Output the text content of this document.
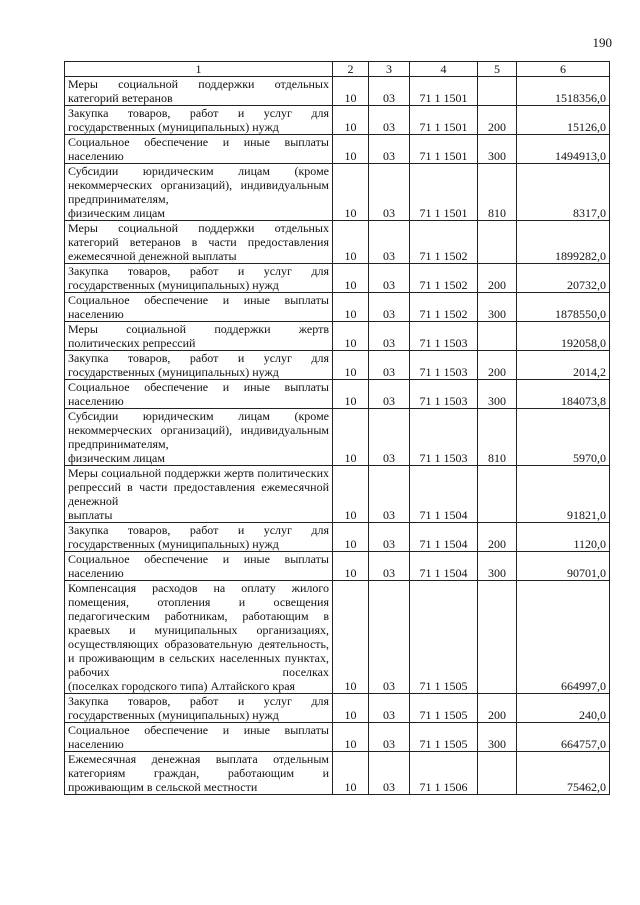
190
1	2	3	4	5	6
Меры социальной поддержки отдельных
категорий ветеранов	10	03	71 1 1501		1518356,0
Закупка товаров, работ и услуг для
государственных (муниципальных) нужд	10	03	71 1 1501	200	15126,0
Социальное обеспечение и иные выплаты
населению	10	03	71 1 1501	300	1494913,0
Субсидии юридическим лицам (кроме некоммерческих организаций), индивидуальным предпринимателям,
физическим лицам	10	03	71 1 1501	810	8317,0
Меры социальной поддержки отдельных категорий ветеранов в части предоставления
ежемесячной денежной выплаты	10	03	71 1 1502		1899282,0
Закупка товаров, работ и услуг для
государственных (муниципальных) нужд	10	03	71 1 1502	200	20732,0
Социальное обеспечение и иные выплаты
населению	10	03	71 1 1502	300	1878550,0
Меры социальной поддержки жертв
политических репрессий	10	03	71 1 1503		192058,0
Закупка товаров, работ и услуг для
государственных (муниципальных) нужд	10	03	71 1 1503	200	2014,2
Социальное обеспечение и иные выплаты
населению	10	03	71 1 1503	300	184073,8
Субсидии юридическим лицам (кроме некоммерческих организаций), индивидуальным предпринимателям,
физическим лицам	10	03	71 1 1503	810	5970,0
Меры социальной поддержки жертв политических репрессий в части предоставления ежемесячной денежной
выплаты	10	03	71 1 1504		91821,0
Закупка товаров, работ и услуг для
государственных (муниципальных) нужд	10	03	71 1 1504	200	1120,0
Социальное обеспечение и иные выплаты
населению	10	03	71 1 1504	300	90701,0
Компенсация расходов на оплату жилого помещения, отопления и освещения педагогическим работникам, работающим в краевых и муниципальных организациях, осуществляющих образовательную деятельность, и проживающим в сельских населенных пунктах, рабочих поселках
(поселках городского типа) Алтайского края	10	03	71 1 1505		664997,0
Закупка товаров, работ и услуг для
государственных (муниципальных) нужд	10	03	71 1 1505	200	240,0
Социальное обеспечение и иные выплаты
населению	10	03	71 1 1505	300	664757,0
Ежемесячная денежная выплата отдельным категориям граждан, работающим и
проживающим в сельской местности	10	03	71 1 1506		75462,0
